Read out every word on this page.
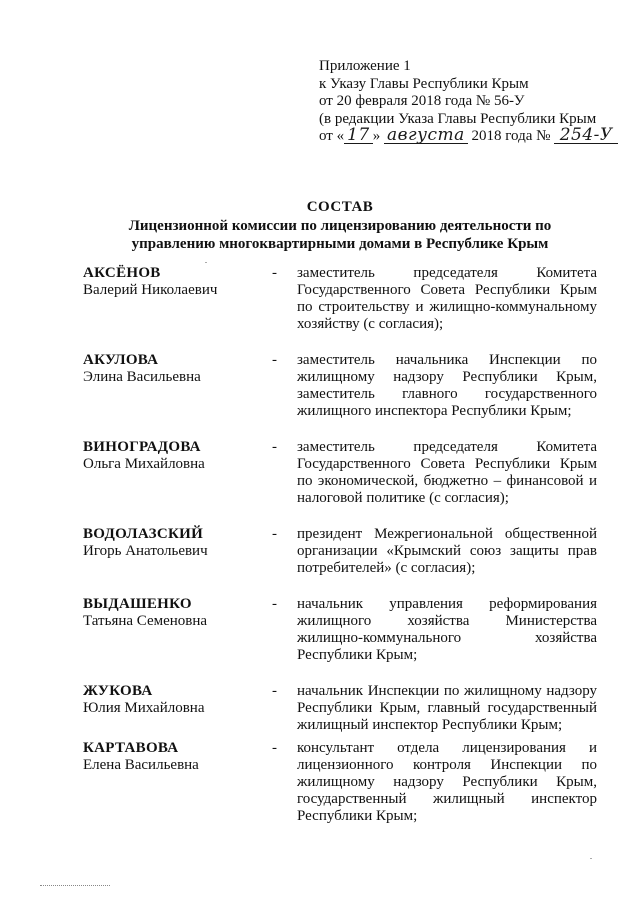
Приложение 1
к Указу Главы Республики Крым
от 20 февраля 2018 года № 56-У
(в редакции Указа Главы Республики Крым
от « 17 » августа 2018 года № 254-У
СОСТАВ
Лицензионной комиссии по лицензированию деятельности по
управлению многоквартирными домами в Республике Крым
АКСЁНОВ
Валерий Николаевич
- заместитель председателя Комитета Государственного Совета Республики Крым по строительству и жилищно-коммунальному хозяйству (с согласия);
АКУЛОВА
Элина Васильевна
- заместитель начальника Инспекции по жилищному надзору Республики Крым, заместитель главного государственного жилищного инспектора Республики Крым;
ВИНОГРАДОВА
Ольга Михайловна
- заместитель председателя Комитета Государственного Совета Республики Крым по экономической, бюджетно – финансовой и налоговой политике (с согласия);
ВОДОЛАЗСКИЙ
Игорь Анатольевич
- президент Межрегиональной общественной организации «Крымский союз защиты прав потребителей» (с согласия);
ВЫДАШЕНКО
Татьяна Семеновна
- начальник управления реформирования жилищного хозяйства Министерства жилищно-коммунального хозяйства Республики Крым;
ЖУКОВА
Юлия Михайловна
- начальник Инспекции по жилищному надзору Республики Крым, главный государственный жилищный инспектор Республики Крым;
КАРТАВОВА
Елена Васильевна
- консультант отдела лицензирования и лицензионного контроля Инспекции по жилищному надзору Республики Крым, государственный жилищный инспектор Республики Крым;
